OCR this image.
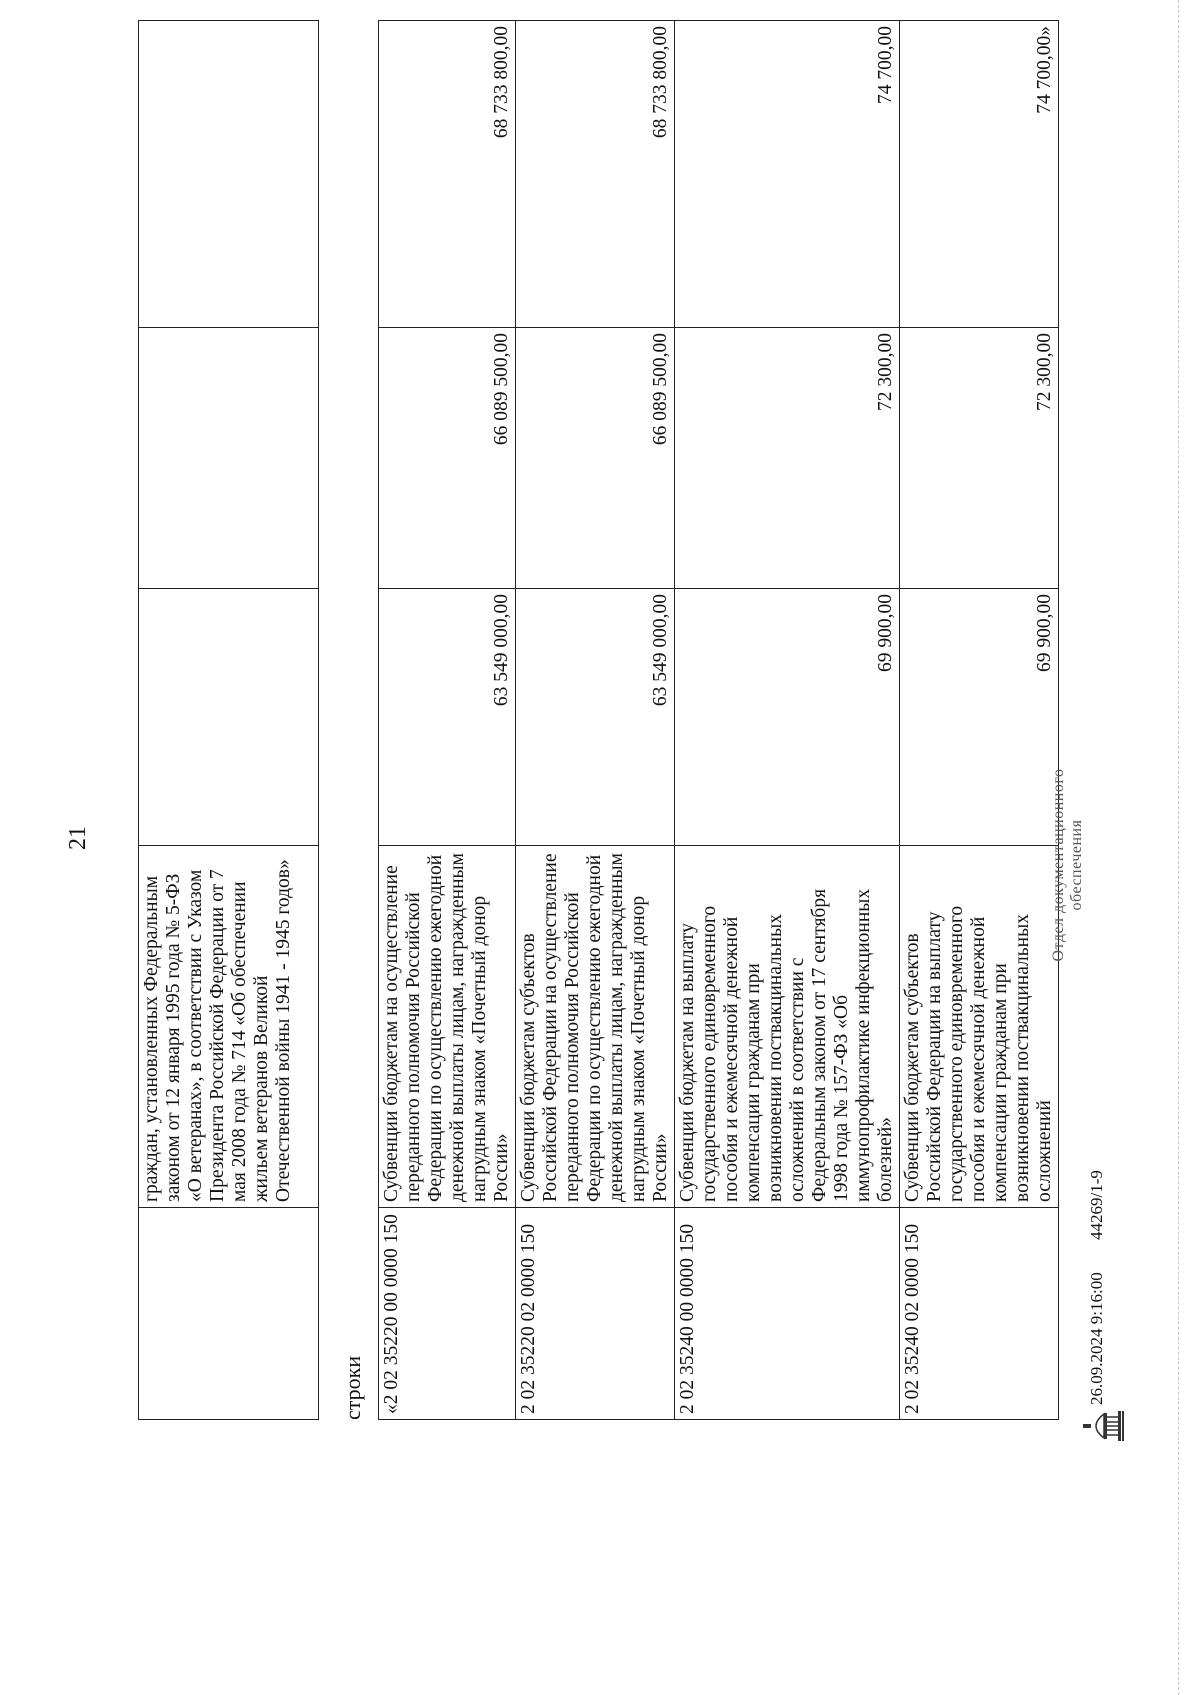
21
	граждан, установленных Федеральным законом от 12 января 1995 года № 5-ФЗ «О ветеранах», в соответствии с Указом Президента Российской Федерации от 7 мая 2008 года № 714 «Об обеспечении жильем ветеранов Великой Отечественной войны 1941 - 1945 годов»			
строки «2 02 35220 00 0000 150	Субвенции бюджетам на осуществление переданного полномочия Российской Федерации по осуществлению ежегодной денежной выплаты лицам, награжденным нагрудным знаком «Почетный донор России»	63 549 000,00	66 089 500,00	68 733 800,00
2 02 35220 02 0000 150	Субвенции бюджетам субъектов Российской Федерации на осуществление переданного полномочия Российской Федерации по осуществлению ежегодной денежной выплаты лицам, награжденным нагрудным знаком «Почетный донор России»	63 549 000,00	66 089 500,00	68 733 800,00
2 02 35240 00 0000 150	Субвенции бюджетам на выплату государственного единовременного пособия и ежемесячной денежной компенсации гражданам при возникновении поствакцинальных осложнений в соответствии с Федеральным законом от 17 сентября 1998 года № 157-ФЗ «Об иммунопрофилактике инфекционных болезней»	69 900,00	72 300,00	74 700,00
2 02 35240 02 0000 150	Субвенции бюджетам субъектов Российской Федерации на выплату государственного единовременного пособия и ежемесячной денежной компенсации гражданам при возникновении поствакцинальных осложнений	69 900,00	72 300,00	74 700,00»
26.09.2024 9:16:00
44269/1-9
Отдел документационного обеспечения
